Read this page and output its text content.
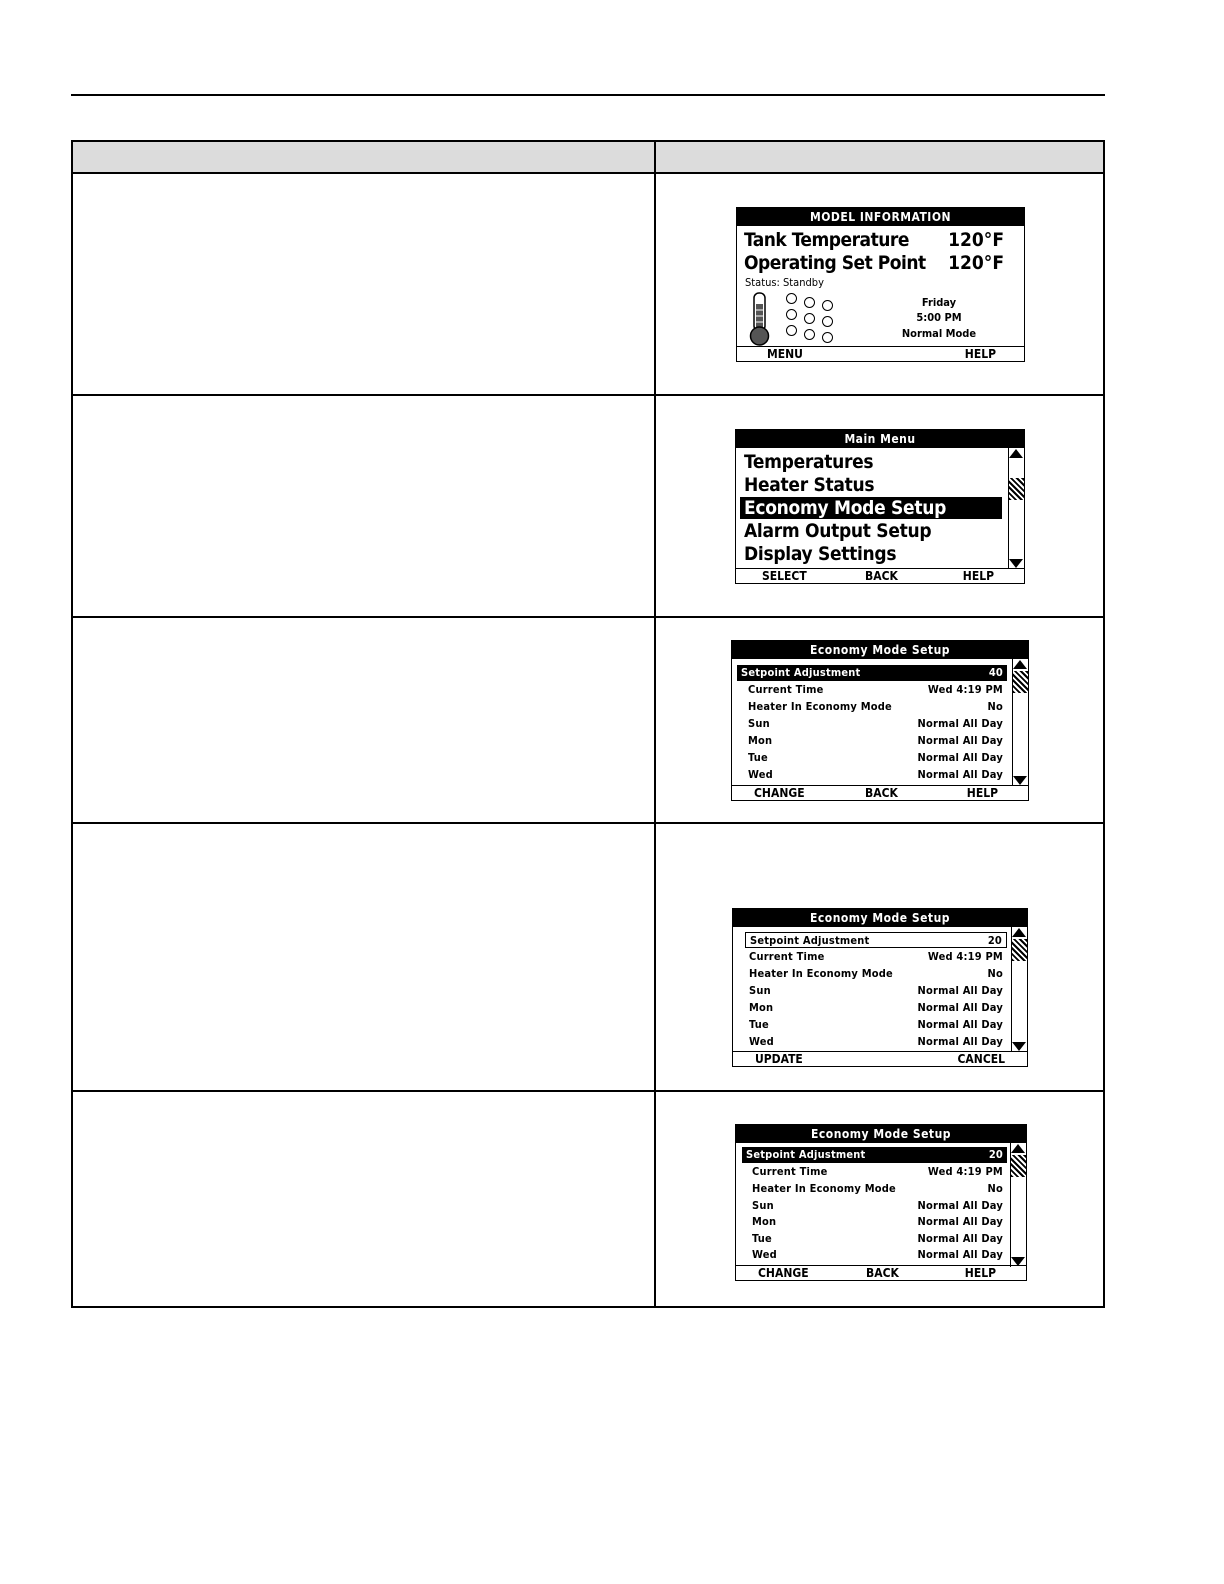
MODEL INFORMATION
Tank Temperature 120°F
Operating Set Point 120°F
Status: Standby
Friday
5:00 PM
Normal Mode
MENU	HELP
Main Menu
Temperatures
Heater Status
Economy Mode Setup
Alarm Output Setup
Display Settings
SELECT	BACK	HELP
Economy Mode Setup
Setpoint Adjustment	40
Current Time	Wed 4:19 PM
Heater In Economy Mode	No
Sun	Normal All Day
Mon	Normal All Day
Tue	Normal All Day
Wed	Normal All Day
CHANGE	BACK	HELP
Economy Mode Setup
Setpoint Adjustment	20
Current Time	Wed 4:19 PM
Heater In Economy Mode	No
Sun	Normal All Day
Mon	Normal All Day
Tue	Normal All Day
Wed	Normal All Day
UPDATE	CANCEL
Economy Mode Setup
Setpoint Adjustment	20
Current Time	Wed 4:19 PM
Heater In Economy Mode	No
Sun	Normal All Day
Mon	Normal All Day
Tue	Normal All Day
Wed	Normal All Day
CHANGE	BACK	HELP
